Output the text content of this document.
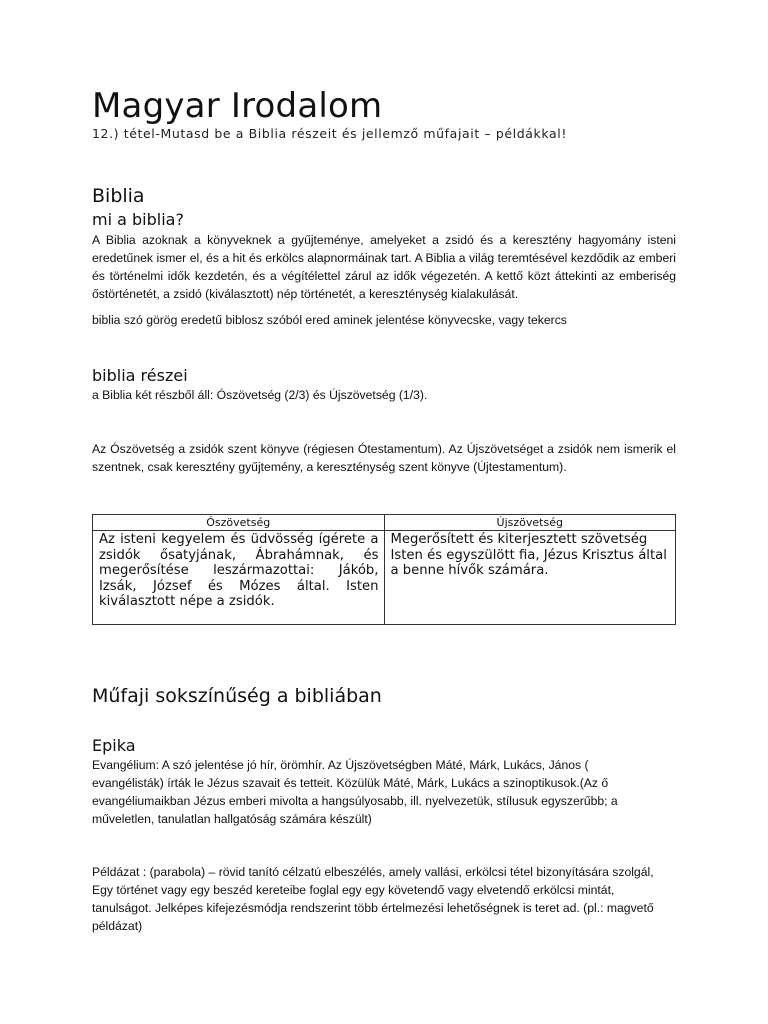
Magyar Irodalom

12.) tétel-Mutasd be a Biblia részeit és jellemző műfajait – példákkal!

Biblia
mi a biblia?

A Biblia azoknak a könyveknek a gyűjteménye, amelyeket a zsidó és a keresztény hagyomány isteni eredetűnek ismer el, és a hit és erkölcs alapnormáinak tart. A Biblia a világ teremtésével kezdődik az emberi és történelmi idők kezdetén, és a végítélettel zárul az idők végezetén. A kettő közt áttekinti az emberiség őstörténetét, a zsidó (kiválasztott) nép történetét, a kereszténység kialakulását.

biblia szó görög eredetű biblosz szóból ered aminek jelentése könyvecske, vagy tekercs

biblia részei

a Biblia két részből áll: Ószövetség (2/3) és Újszövetség (1/3).

Az Ószövetség a zsidók szent könyve (régiesen Ótestamentum). Az Újszövetséget a zsidók nem ismerik el szentnek, csak keresztény gyűjtemény, a kereszténység szent könyve (Újtestamentum).

Ószövetség	Újszövetség
Az isteni kegyelem és üdvösség ígérete a zsidók ősatyjának, Ábrahámnak, és megerősítése leszármazottai: Jákób, Izsák, József és Mózes által. Isten kiválasztott népe a zsidók.	Megerősített és kiterjesztett szövetség Isten és egyszülött fia, Jézus Krisztus által a benne hívők számára.
Műfaji sokszínűség a bibliában
Epika

Evangélium: A szó jelentése jó hír, örömhír. Az Újszövetségben Máté, Márk, Lukács, János ( evangélisták) írták le Jézus szavait és tetteit. Közülük Máté, Márk, Lukács a szinoptikusok.(Az ő evangéliumaikban Jézus emberi mivolta a hangsúlyosabb, ill. nyelvezetük, stílusuk egyszerűbb; a műveletlen, tanulatlan hallgatóság számára készült)

Példázat : (parabola) – rövid tanító célzatú elbeszélés, amely vallási, erkölcsi tétel bizonyítására szolgál, Egy történet vagy egy beszéd kereteibe foglal egy egy követendő vagy elvetendő erkölcsi mintát, tanulságot. Jelképes kifejezésmódja rendszerint több értelmezési lehetőségnek is teret ad. (pl.: magvető példázat)
